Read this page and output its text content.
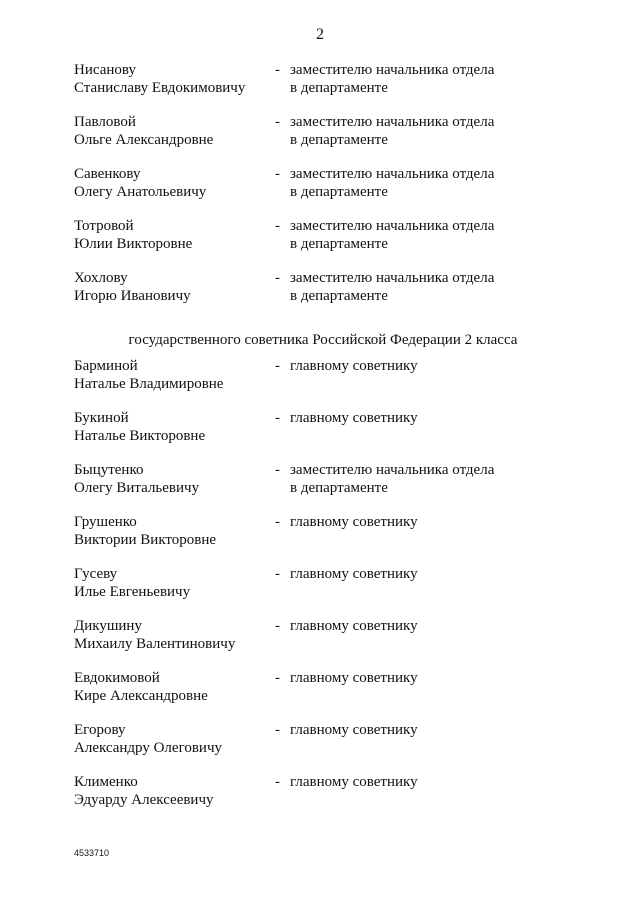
2
Нисанову
Станиславу Евдокимовичу
- заместителю начальника отдела
в департаменте
Павловой
Ольге Александровне
- заместителю начальника отдела
в департаменте
Савенкову
Олегу Анатольевичу
- заместителю начальника отдела
в департаменте
Тотровой
Юлии Викторовне
- заместителю начальника отдела
в департаменте
Хохлову
Игорю Ивановичу
- заместителю начальника отдела
в департаменте
государственного советника Российской Федерации 2 класса
Барминой
Наталье Владимировне
- главному советнику
Букиной
Наталье Викторовне
- главному советнику
Быцутенко
Олегу Витальевичу
- заместителю начальника отдела
в департаменте
Грушенко
Виктории Викторовне
- главному советнику
Гусеву
Илье Евгеньевичу
- главному советнику
Дикушину
Михаилу Валентиновичу
- главному советнику
Евдокимовой
Кире Александровне
- главному советнику
Егорову
Александру Олеговичу
- главному советнику
Клименко
Эдуарду Алексеевичу
- главному советнику
4533710
